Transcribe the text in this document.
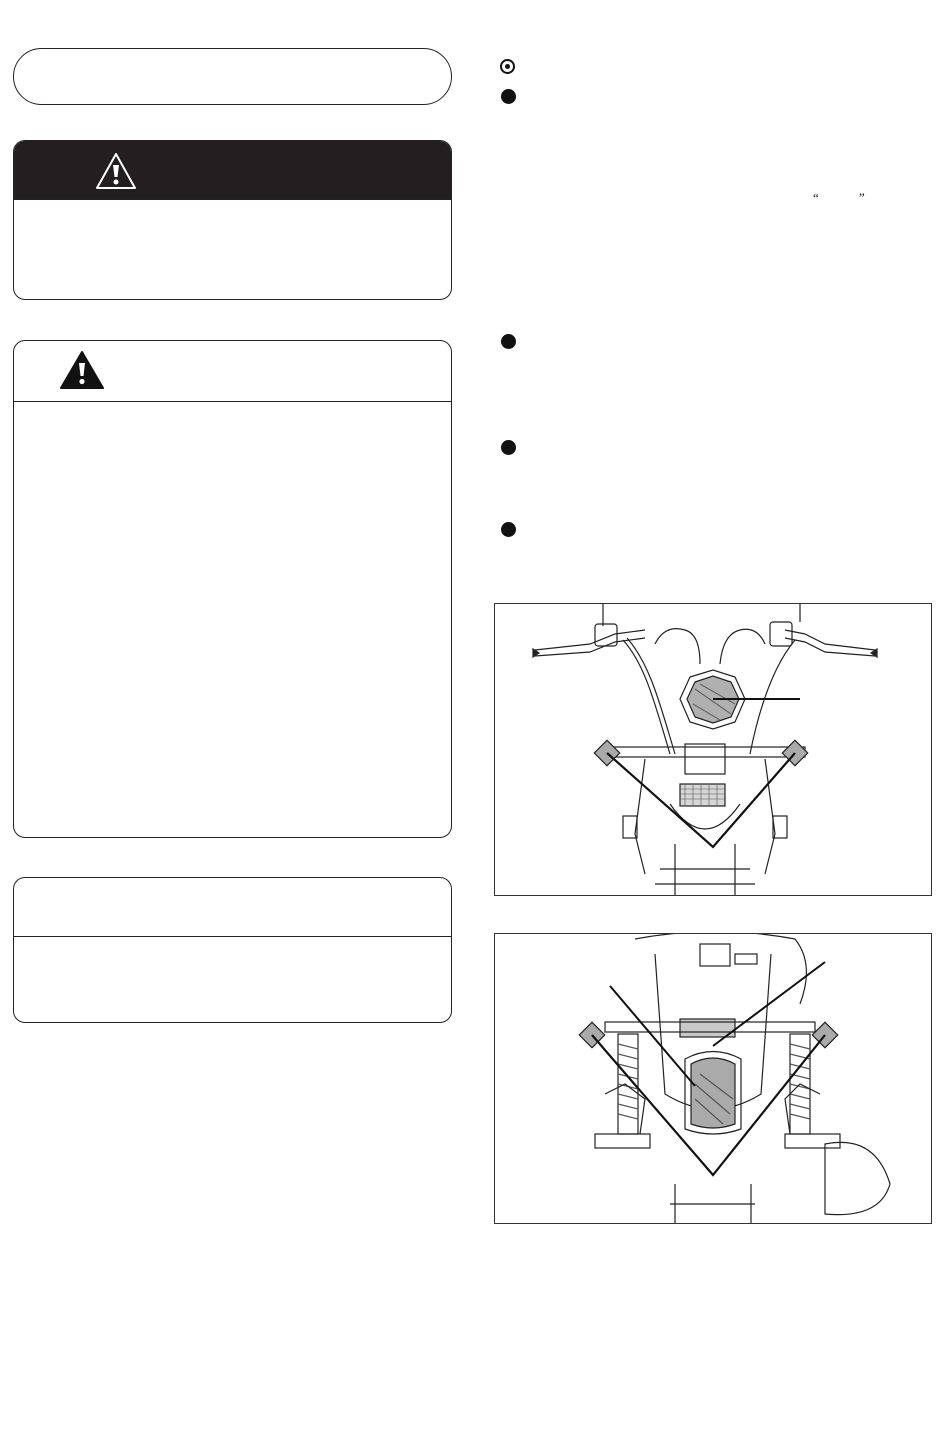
“	”
